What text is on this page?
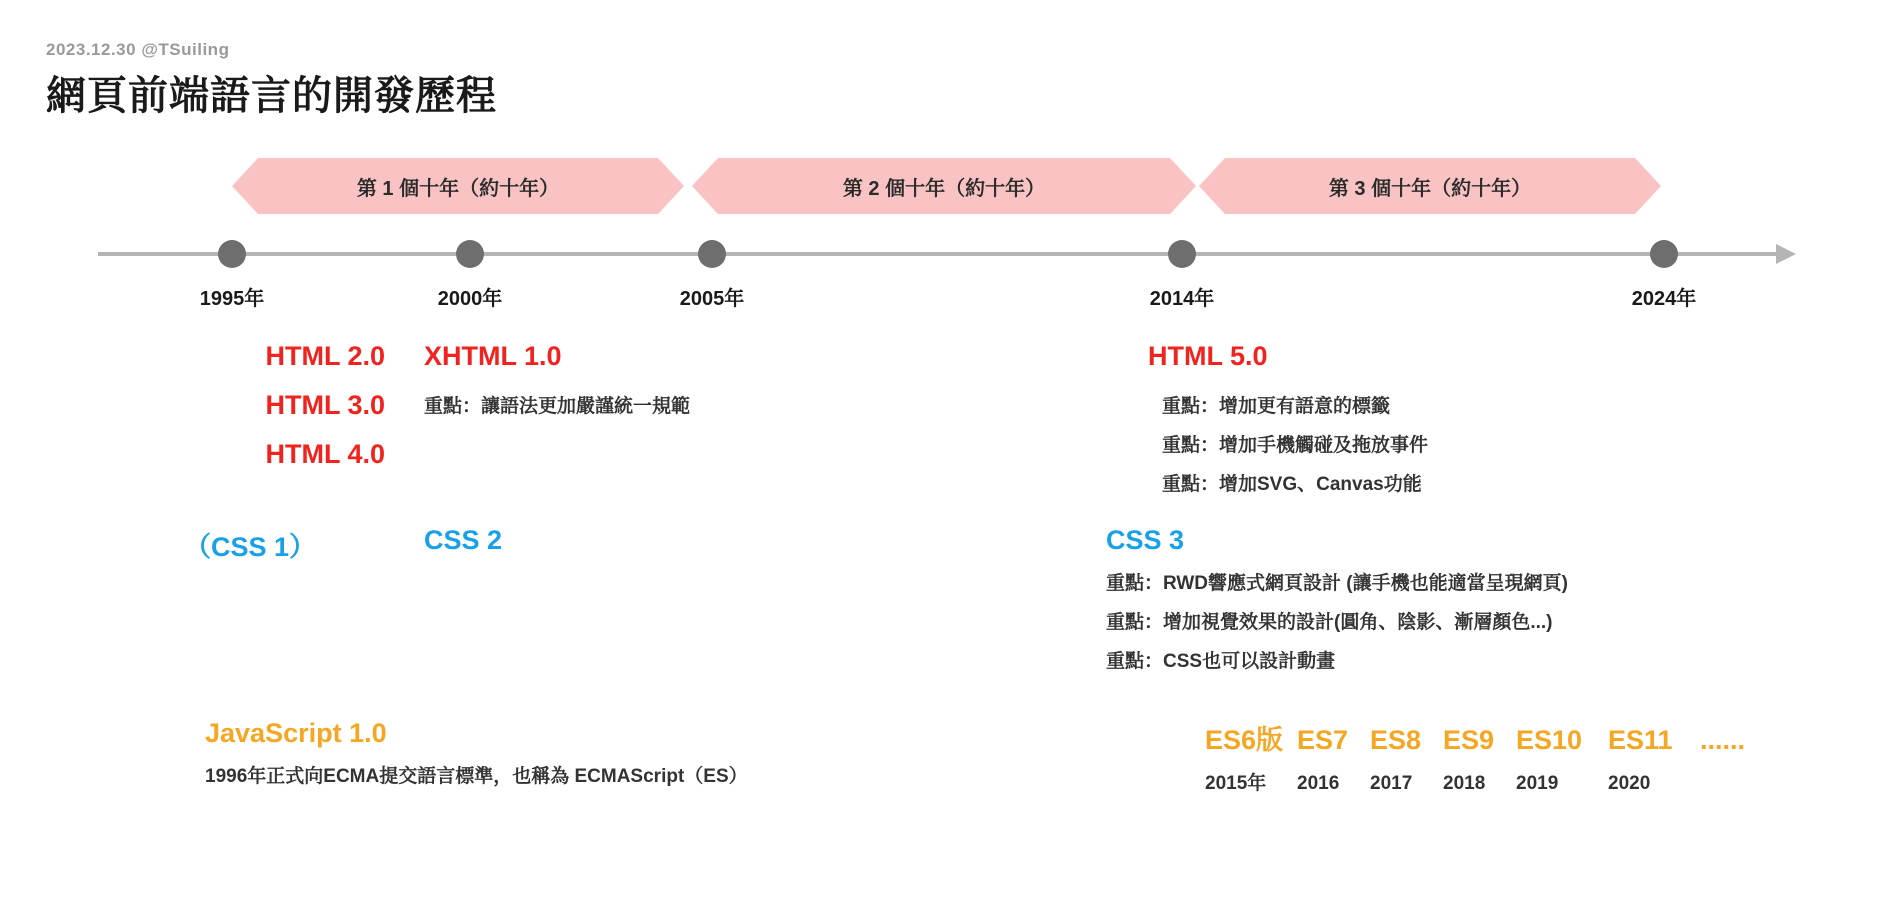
2023.12.30 @TSuiling
網頁前端語言的開發歷程
第 1 個十年（約十年）	第 2 個十年（約十年）	第 3 個十年（約十年）
1995年	2000年	2005年	2014年	2024年
HTML 2.0
HTML 3.0
HTML 4.0
XHTML 1.0
重點：讓語法更加嚴謹統一規範
HTML 5.0
重點：增加更有語意的標籤
重點：增加手機觸碰及拖放事件
重點：增加SVG、Canvas功能
（CSS 1）	CSS 2	CSS 3
重點：RWD響應式網頁設計 (讓手機也能適當呈現網頁)
重點：增加視覺效果的設計(圓角、陰影、漸層顏色...)
重點：CSS也可以設計動畫
JavaScript 1.0
1996年正式向ECMA提交語言標準，也稱為 ECMAScript（ES）
ES6版 ES7 ES8 ES9 ES10 ES11	......
2015年	2016	2017	2018	2019	2020
